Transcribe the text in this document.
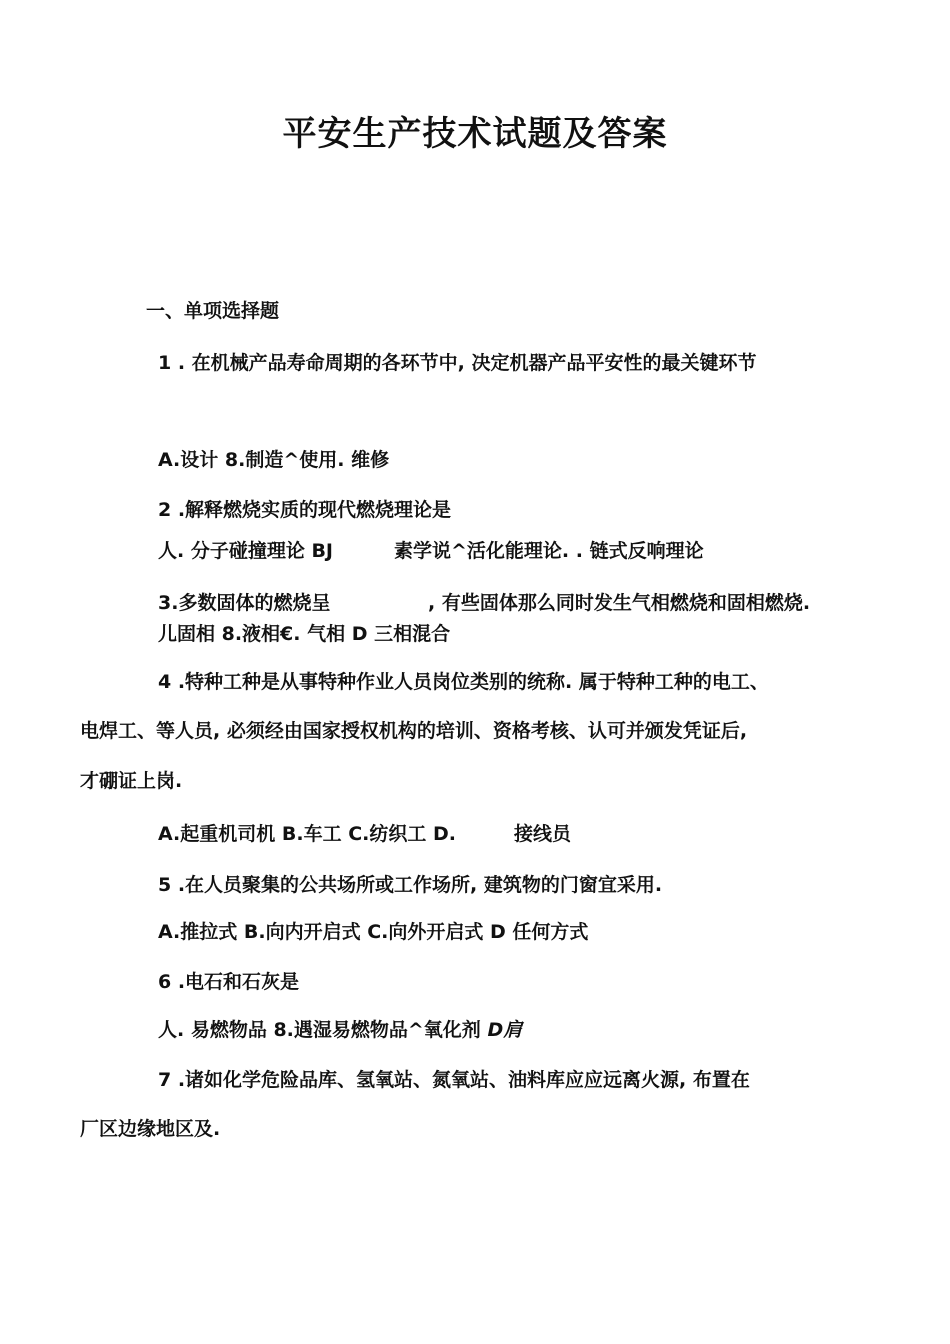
平安生产技术试题及答案

一、单项选择题

1 . 在机械产品寿命周期的各环节中, 决定机器产品平安性的最关键环节

A.设计 8.制造^使用. 维修

2 .解释燃烧实质的现代燃烧理论是

人. 分子碰撞理论 BJ	素学说^活化能理论. . 链式反响理论

3.多数固体的燃烧呈	, 有些固体那么同时发生气相燃烧和固相燃烧.

儿固相 8.液相€. 气相 D 三相混合

4 .特种工种是从事特种作业人员岗位类别的统称. 属于特种工种的电工、

电焊工、等人员, 必须经由国家授权机构的培训、资格考核、认可并颁发凭证后,

才硼证上岗.

A.起重机司机 B.车工 C.纺织工 D.	接线员

5 .在人员聚集的公共场所或工作场所, 建筑物的门窗宜采用.

A.推拉式 B.向内开启式 C.向外开启式 D 任何方式

6 .电石和石灰是

人. 易燃物品 8.遇湿易燃物品^氧化剂 D肩

7 .诸如化学危险品库、氢氧站、氮氧站、油料库应应远离火源, 布置在

厂区边缘地区及.
